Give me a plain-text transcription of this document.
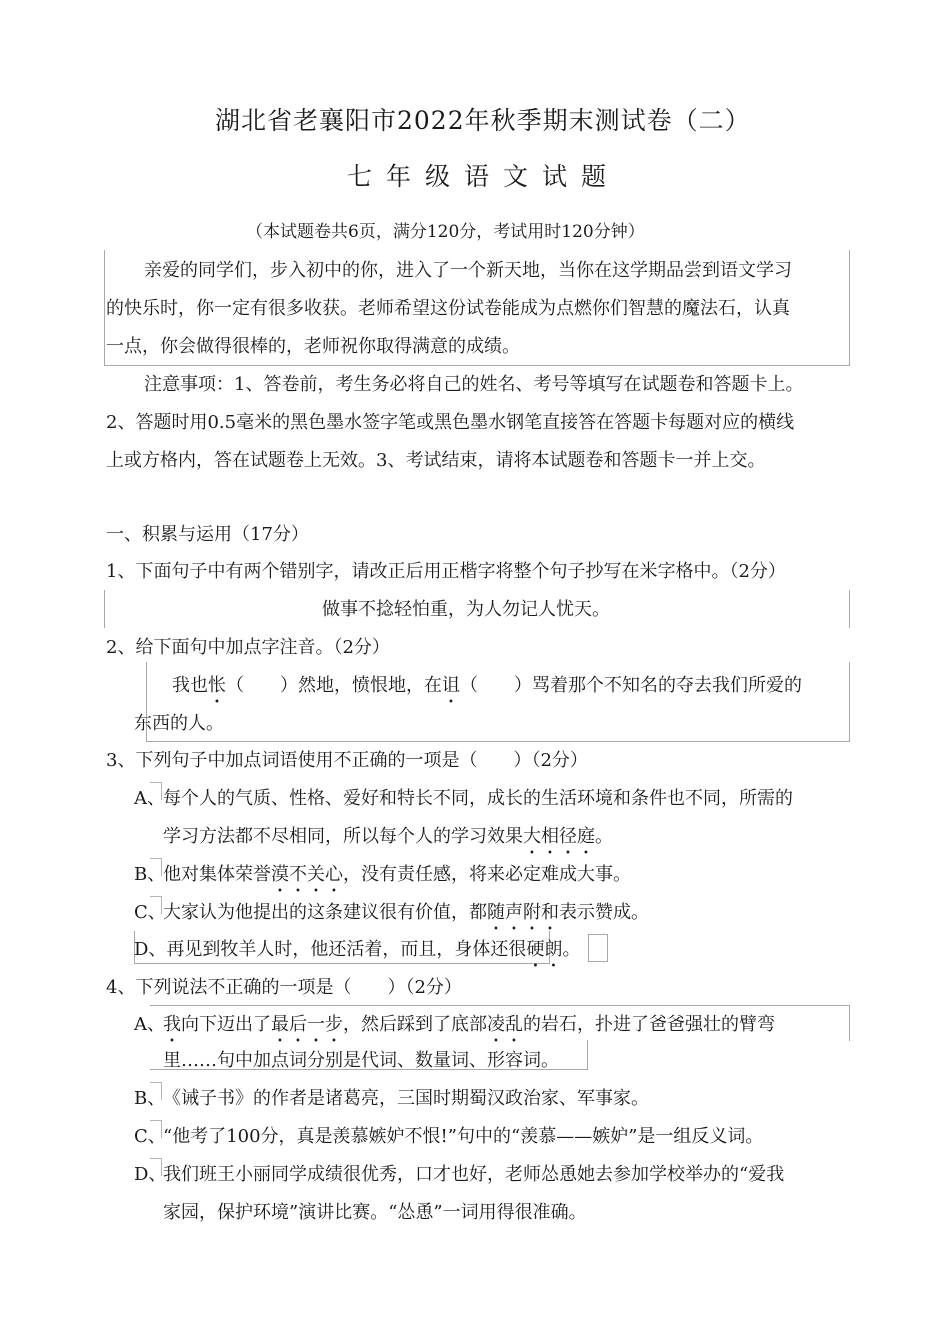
湖北省老襄阳市2022年秋季期末测试卷（二）
七年级语文试题
（本试题卷共6页，满分120分，考试用时120分钟）
亲爱的同学们，步入初中的你，进入了一个新天地，当你在这学期品尝到语文学习
的快乐时，你一定有很多收获。老师希望这份试卷能成为点燃你们智慧的魔法石，认真
一点，你会做得很棒的，老师祝你取得满意的成绩。
注意事项：1、答卷前，考生务必将自己的姓名、考号等填写在试题卷和答题卡上。
2、答题时用0.5毫米的黑色墨水签字笔或黑色墨水钢笔直接答在答题卡每题对应的横线
上或方格内，答在试题卷上无效。3、考试结束，请将本试题卷和答题卡一并上交。
一、积累与运用（17分）
1、下面句子中有两个错别字，请改正后用正楷字将整个句子抄写在米字格中。（2分）
做事不捻轻怕重，为人勿记人忧天。
2、给下面句中加点字注音。（2分）
我也怅（　　）然地，愤恨地，在诅（　　）骂着那个不知名的夺去我们所爱的
东西的人。
3、下列句子中加点词语使用不正确的一项是（　　）（2分）
A、
每个人的气质、性格、爱好和特长不同，成长的生活环境和条件也不同，所需的
学习方法都不尽相同，所以每个人的学习效果大相径庭。
B、
他对集体荣誉漠不关心，没有责任感，将来必定难成大事。
C、
大家认为他提出的这条建议很有价值，都随声附和表示赞成。
D、再见到牧羊人时，他还活着，而且，身体还很硬朗。
4、下列说法不正确的一项是（　　）（2分）
A、
我向下迈出了最后一步，然后踩到了底部凌乱的岩石，扑进了爸爸强壮的臂弯
里……句中加点词分别是代词、数量词、形容词。
B、
《诫子书》的作者是诸葛亮，三国时期蜀汉政治家、军事家。
C、
“他考了100分，真是羡慕嫉妒不恨!”句中的“羡慕——嫉妒”是一组反义词。
D、
我们班王小丽同学成绩很优秀，口才也好，老师怂恿她去参加学校举办的“爱我
家园，保护环境”演讲比赛。“怂恿”一词用得很准确。
